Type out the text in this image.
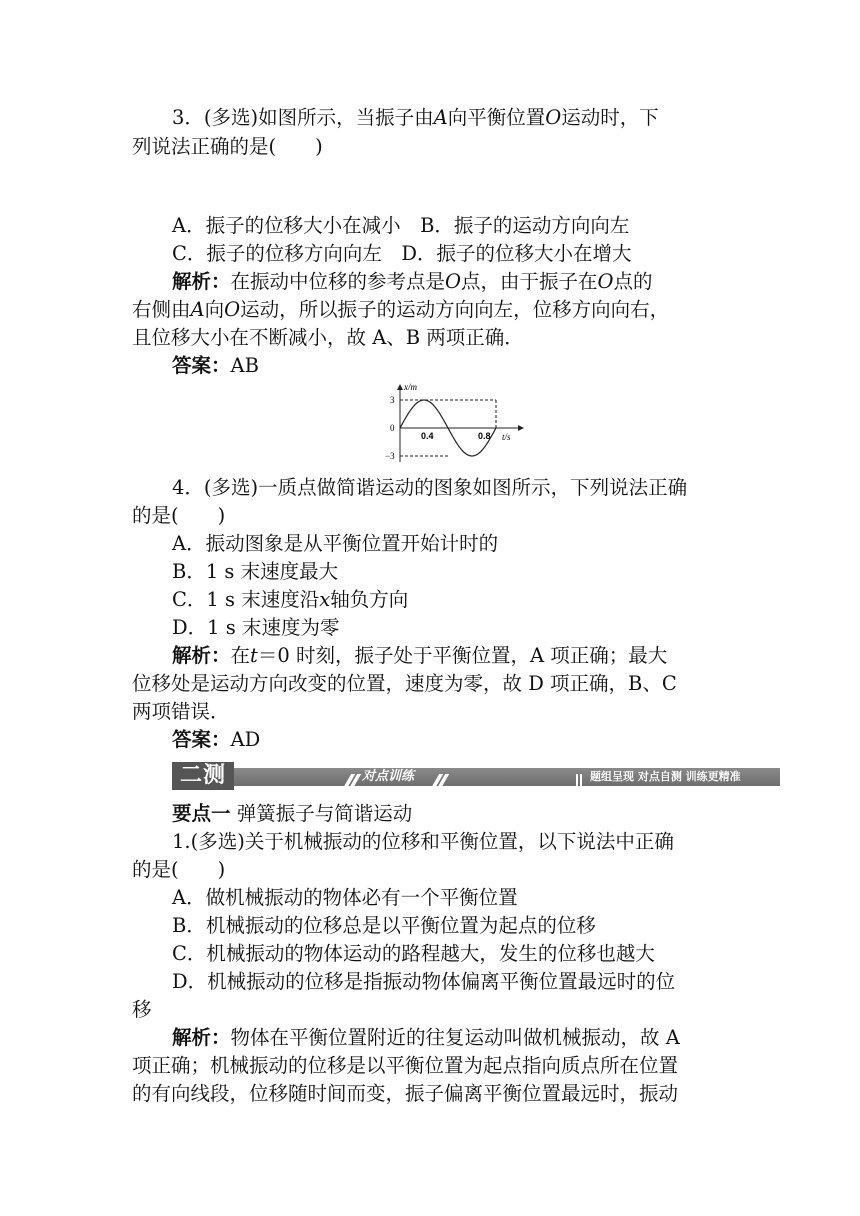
3．(多选)如图所示，当振子由A向平衡位置O运动时，下
列说法正确的是(　　)
A．振子的位移大小在减小　B．振子的运动方向向左
C．振子的位移方向向左　D．振子的位移大小在增大
解析：在振动中位移的参考点是O点，由于振子在O点的
右侧由A向O运动，所以振子的运动方向向左，位移方向向右，
且位移大小在不断减小，故 A、B 两项正确．
答案：AB
x/m
t/s
3
0
−3
0.4	0.8
4．(多选)一质点做简谐运动的图象如图所示，下列说法正确
的是(　　)
A．振动图象是从平衡位置开始计时的
B．1 s 末速度最大
C．1 s 末速度沿x轴负方向
D．1 s 末速度为零
解析：在t＝0 时刻，振子处于平衡位置，A 项正确；最大
位移处是运动方向改变的位置，速度为零，故 D 项正确，B、C
两项错误．
答案：AD
对点训练
二测	题组呈现 对点自测 训练更精准
要点一 弹簧振子与简谐运动
1.(多选)关于机械振动的位移和平衡位置，以下说法中正确
的是(　　)
A．做机械振动的物体必有一个平衡位置
B．机械振动的位移总是以平衡位置为起点的位移
C．机械振动的物体运动的路程越大，发生的位移也越大
D．机械振动的位移是指振动物体偏离平衡位置最远时的位
移
解析：物体在平衡位置附近的往复运动叫做机械振动，故 A
项正确；机械振动的位移是以平衡位置为起点指向质点所在位置
的有向线段，位移随时间而变，振子偏离平衡位置最远时，振动
